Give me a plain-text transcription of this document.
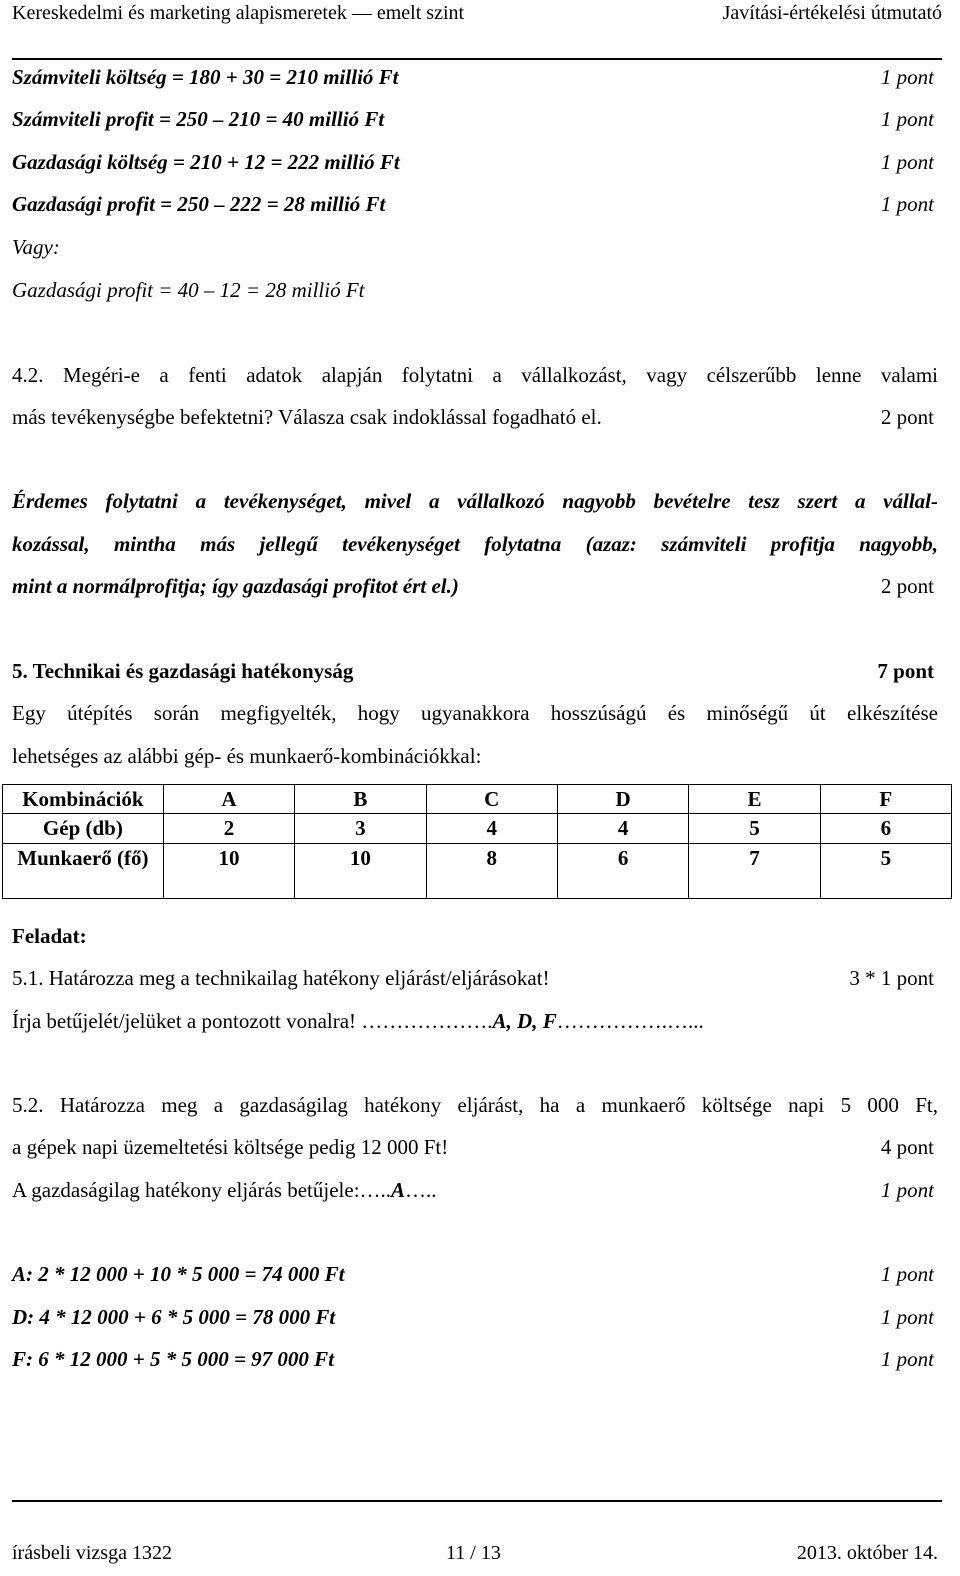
Kereskedelmi és marketing alapismeretek — emelt szint	Javítási-értékelési útmutató
Számviteli költség = 180 + 30 = 210 millió Ft	1 pont
Számviteli profit = 250 – 210 = 40 millió Ft	1 pont
Gazdasági költség = 210 + 12 = 222 millió Ft	1 pont
Gazdasági profit = 250 – 222 = 28 millió Ft	1 pont
Vagy:
Gazdasági profit = 40 – 12 = 28 millió Ft
4.2. Megéri-e a fenti adatok alapján folytatni a vállalkozást, vagy célszerűbb lenne valami
más tevékenységbe befektetni? Válasza csak indoklással fogadható el.	2 pont
Érdemes folytatni a tevékenységet, mivel a vállalkozó nagyobb bevételre tesz szert a vállal-
kozással, mintha más jellegű tevékenységet folytatna (azaz: számviteli profitja nagyobb,
mint a normálprofitja; így gazdasági profitot ért el.)	2 pont
5. Technikai és gazdasági hatékonyság	7 pont
Egy útépítés során megfigyelték, hogy ugyanakkora hosszúságú és minőségű út elkészítése
lehetséges az alábbi gép- és munkaerő-kombinációkkal:
Kombinációk	A	B	C	D	E	F
Gép (db)	2	3	4	4	5	6
Munkaerő (fő)	10	10	8	6	7	5
Feladat:
5.1. Határozza meg a technikailag hatékony eljárást/eljárásokat!	3 * 1 pont
Írja betűjelét/jelüket a pontozott vonalra! ……………….A, D, F…………….…...
5.2. Határozza meg a gazdaságilag hatékony eljárást, ha a munkaerő költsége napi 5 000 Ft,
a gépek napi üzemeltetési költsége pedig 12 000 Ft!	4 pont
A gazdaságilag hatékony eljárás betűjele:…..A…..	1 pont
A: 2 * 12 000 + 10 * 5 000 = 74 000 Ft	1 pont
D: 4 * 12 000 + 6 * 5 000 = 78 000 Ft	1 pont
F: 6 * 12 000 + 5 * 5 000 = 97 000 Ft	1 pont
írásbeli vizsga 1322	11 / 13	2013. október 14.
